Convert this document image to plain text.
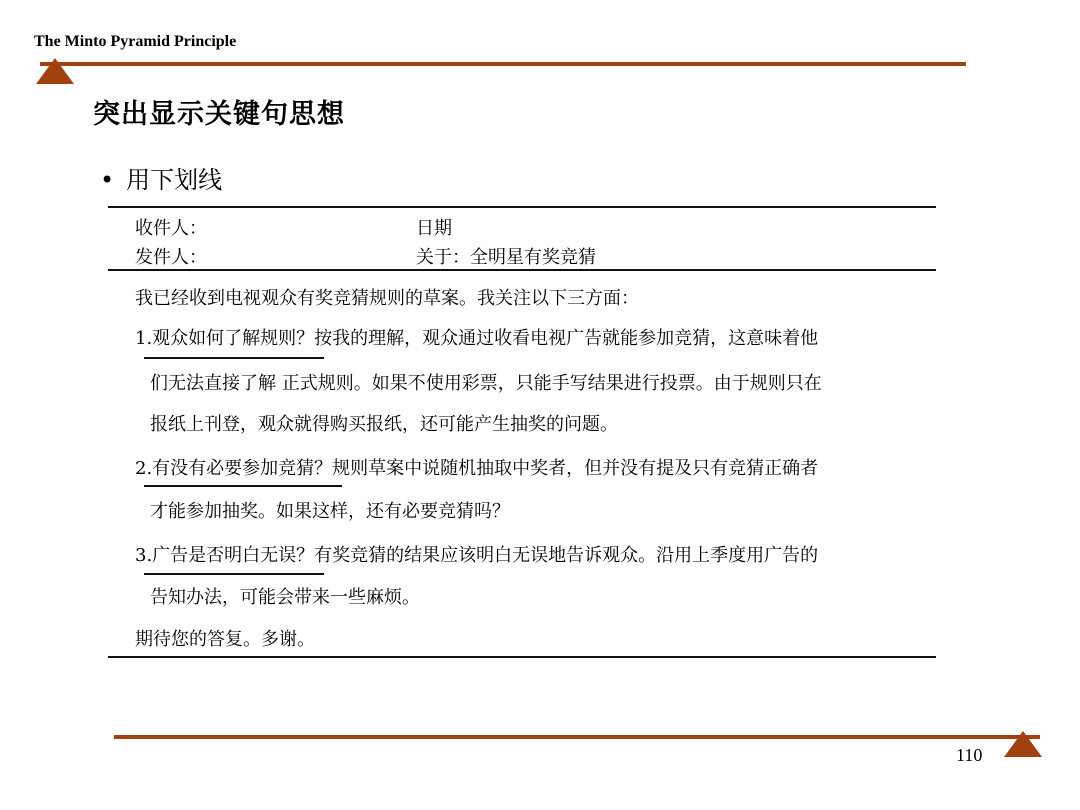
The Minto Pyramid Principle
突出显示关键句思想
• 用下划线
收件人：	日期
发件人：	关于：全明星有奖竞猜
我已经收到电视观众有奖竞猜规则的草案。我关注以下三方面：
1.观众如何了解规则？按我的理解，观众通过收看电视广告就能参加竞猜，这意味着他
们无法直接了解 正式规则。如果不使用彩票，只能手写结果进行投票。由于规则只在
报纸上刊登，观众就得购买报纸，还可能产生抽奖的问题。
2.有没有必要参加竞猜？规则草案中说随机抽取中奖者，但并没有提及只有竞猜正确者
才能参加抽奖。如果这样，还有必要竞猜吗？
3.广告是否明白无误？有奖竞猜的结果应该明白无误地告诉观众。沿用上季度用广告的
告知办法，可能会带来一些麻烦。
期待您的答复。多谢。
110
